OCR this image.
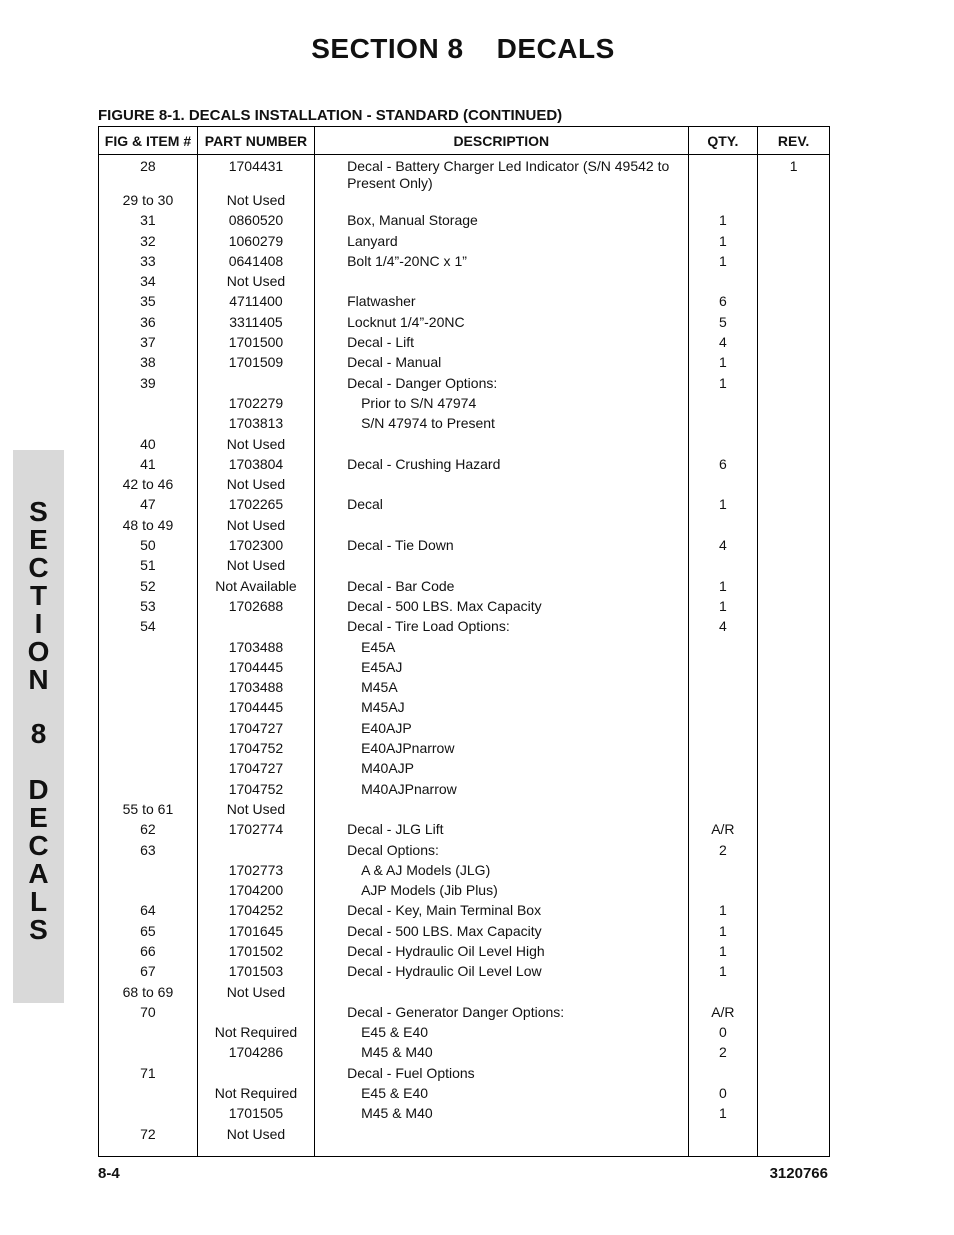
SECTION 8    DECALS
FIGURE 8-1. DECALS INSTALLATION - STANDARD (CONTINUED)
FIG & ITEM #	PART NUMBER	DESCRIPTION	QTY.	REV.
28	1704431	Decal - Battery Charger Led Indicator (S/N 49542 to Present Only)		1
29 to 30	Not Used			
31	0860520	Box, Manual Storage	1	
32	1060279	Lanyard	1	
33	0641408	Bolt 1/4”-20NC x 1”	1	
34	Not Used			
35	4711400	Flatwasher	6	
36	3311405	Locknut 1/4”-20NC	5	
37	1701500	Decal - Lift	4	
38	1701509	Decal - Manual	1	
39		Decal - Danger Options:	1	
	1702279	Prior to S/N 47974		
	1703813	S/N 47974 to Present		
40	Not Used			
41	1703804	Decal - Crushing Hazard	6	
42 to 46	Not Used			
47	1702265	Decal	1	
48 to 49	Not Used			
50	1702300	Decal - Tie Down	4	
51	Not Used			
52	Not Available	Decal - Bar Code	1	
53	1702688	Decal - 500 LBS. Max Capacity	1	
54		Decal - Tire Load Options:	4	
	1703488	E45A		
	1704445	E45AJ		
	1703488	M45A		
	1704445	M45AJ		
	1704727	E40AJP		
	1704752	E40AJPnarrow		
	1704727	M40AJP		
	1704752	M40AJPnarrow		
55 to 61	Not Used			
62	1702774	Decal - JLG Lift	A/R	
63		Decal Options:	2	
	1702773	A & AJ Models (JLG)		
	1704200	AJP Models (Jib Plus)		
64	1704252	Decal - Key, Main Terminal Box	1	
65	1701645	Decal - 500 LBS. Max Capacity	1	
66	1701502	Decal - Hydraulic Oil Level High	1	
67	1701503	Decal - Hydraulic Oil Level Low	1	
68 to 69	Not Used			
70		Decal - Generator Danger Options:	A/R	
	Not Required	E45 & E40	0	
	1704286	M45 & M40	2	
71		Decal - Fuel Options		
	Not Required	E45 & E40	0	
	1701505	M45 & M40	1	
72	Not Used			
S
E
C
T
I
O
N
8
D
E
C
A
L
S
8-4	3120766
